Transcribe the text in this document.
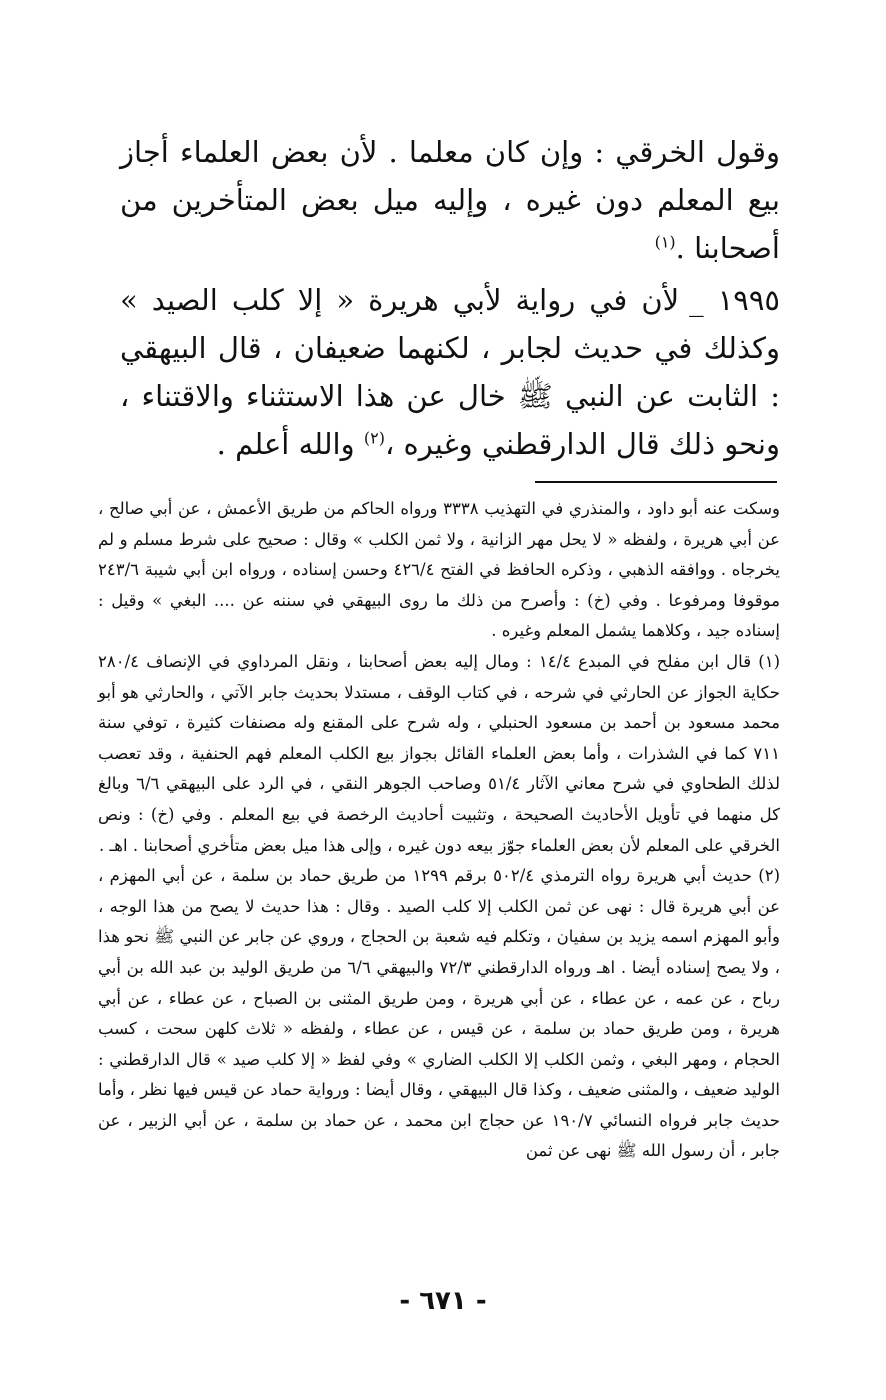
وقول الخرقي : وإن كان معلما . لأن بعض العلماء أجاز بيع المعلم دون غيره ، وإليه ميل بعض المتأخرين من أصحابنا .$^{(١)}$

١٩٩٥ _لأن في رواية لأبي هريرة « إلا كلب الصيد » وكذلك في حديث لجابر ، لكنهما ضعيفان ، قال البيهقي : الثابت عن النبي ﷺ خال عن هذا الاستثناء والاقتناء ، ونحو ذلك قال الدارقطني وغيره ،$^{(٢)}$ والله أعلم .

وسكت عنه أبو داود ، والمنذري في التهذيب ٣٣٣٨ ورواه الحاكم من طريق الأعمش ، عن أبي صالح ، عن أبي هريرة ، ولفظه « لا يحل مهر الزانية ، ولا ثمن الكلب » وقال : صحيح على شرط مسلم و لم يخرجاه . ووافقه الذهبي ، وذكره الحافظ في الفتح ٤٢٦/٤ وحسن إسناده ، ورواه ابن أبي شيبة ٢٤٣/٦ موقوفا ومرفوعا . وفي (خ) : وأصرح من ذلك ما روى البيهقي في سننه عن .... البغي » وقيل : إسناده جيد ، وكلاهما يشمل المعلم وغيره .

(١) قال ابن مفلح في المبدع ١٤/٤ : ومال إليه بعض أصحابنا ، ونقل المرداوي في الإنصاف ٢٨٠/٤ حكاية الجواز عن الحارثي في شرحه ، في كتاب الوقف ، مستدلا بحديث جابر الآتي ، والحارثي هو أبو محمد مسعود بن أحمد بن مسعود الحنبلي ، وله شرح على المقنع وله مصنفات كثيرة ، توفي سنة ٧١١ كما في الشذرات ، وأما بعض العلماء القائل بجواز بيع الكلب المعلم فهم الحنفية ، وقد تعصب لذلك الطحاوي في شرح معاني الآثار ٥١/٤ وصاحب الجوهر النقي ، في الرد على البيهقي ٦/٦ وبالغ كل منهما في تأويل الأحاديث الصحيحة ، وتثبيت أحاديث الرخصة في بيع المعلم . وفي (خ) : ونص الخرقي على المعلم لأن بعض العلماء جوّز بيعه دون غيره ، وإلى هذا ميل بعض متأخري أصحابنا . اهـ .

(٢) حديث أبي هريرة رواه الترمذي ٥٠٢/٤ برقم ١٢٩٩ من طريق حماد بن سلمة ، عن أبي المهزم ، عن أبي هريرة قال : نهى عن ثمن الكلب إلا كلب الصيد . وقال : هذا حديث لا يصح من هذا الوجه ، وأبو المهزم اسمه يزيد بن سفيان ، وتكلم فيه شعبة بن الحجاج ، وروي عن جابر عن النبي ﷺ نحو هذا ، ولا يصح إسناده أيضا . اهـ ورواه الدارقطني ٧٢/٣ والبيهقي ٦/٦ من طريق الوليد بن عبد الله بن أبي رباح ، عن عمه ، عن عطاء ، عن أبي هريرة ، ومن طريق المثنى بن الصباح ، عن عطاء ، عن أبي هريرة ، ومن طريق حماد بن سلمة ، عن قيس ، عن عطاء ، ولفظه « ثلاث كلهن سحت ، كسب الحجام ، ومهر البغي ، وثمن الكلب إلا الكلب الضاري » وفي لفظ « إلا كلب صيد » قال الدارقطني : الوليد ضعيف ، والمثنى ضعيف ، وكذا قال البيهقي ، وقال أيضا : ورواية حماد عن قيس فيها نظر ، وأما حديث جابر فرواه النسائي ١٩٠/٧ عن حجاج ابن محمد ، عن حماد بن سلمة ، عن أبي الزبير ، عن جابر ، أن رسول الله ﷺ نهى عن ثمن

- ٦٧١ -
